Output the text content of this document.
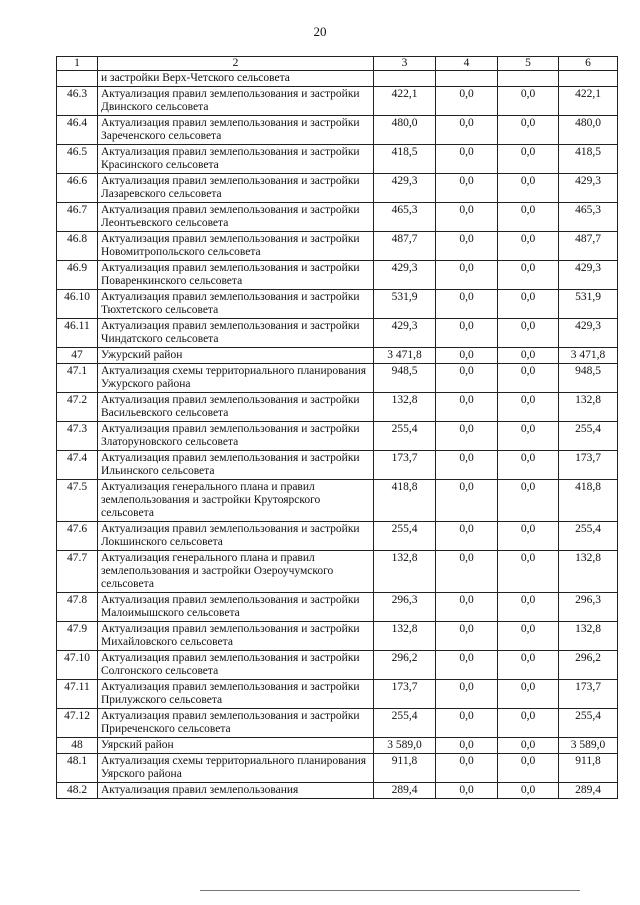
20
1	2	3	4	5	6
	и застройки Верх-Четского сельсовета				
46.3	Актуализация правил землепользования и застройки Двинского сельсовета	422,1	0,0	0,0	422,1
46.4	Актуализация правил землепользования и застройки Зареченского сельсовета	480,0	0,0	0,0	480,0
46.5	Актуализация правил землепользования и застройки Красинского сельсовета	418,5	0,0	0,0	418,5
46.6	Актуализация правил землепользования и застройки Лазаревского сельсовета	429,3	0,0	0,0	429,3
46.7	Актуализация правил землепользования и застройки Леонтьевского сельсовета	465,3	0,0	0,0	465,3
46.8	Актуализация правил землепользования и застройки Новомитропольского сельсовета	487,7	0,0	0,0	487,7
46.9	Актуализация правил землепользования и застройки Поваренкинского сельсовета	429,3	0,0	0,0	429,3
46.10	Актуализация правил землепользования и застройки Тюхтетского сельсовета	531,9	0,0	0,0	531,9
46.11	Актуализация правил землепользования и застройки Чиндатского сельсовета	429,3	0,0	0,0	429,3
47	Ужурский район	3 471,8	0,0	0,0	3 471,8
47.1	Актуализация схемы территориального планирования Ужурского района	948,5	0,0	0,0	948,5
47.2	Актуализация правил землепользования и застройки Васильевского сельсовета	132,8	0,0	0,0	132,8
47.3	Актуализация правил землепользования и застройки Златоруновского сельсовета	255,4	0,0	0,0	255,4
47.4	Актуализация правил землепользования и застройки Ильинского сельсовета	173,7	0,0	0,0	173,7
47.5	Актуализация генерального плана и правил землепользования и застройки Крутоярского сельсовета	418,8	0,0	0,0	418,8
47.6	Актуализация правил землепользования и застройки Локшинского сельсовета	255,4	0,0	0,0	255,4
47.7	Актуализация генерального плана и правил землепользования и застройки Озероучумского сельсовета	132,8	0,0	0,0	132,8
47.8	Актуализация правил землепользования и застройки Малоимышского сельсовета	296,3	0,0	0,0	296,3
47.9	Актуализация правил землепользования и застройки Михайловского сельсовета	132,8	0,0	0,0	132,8
47.10	Актуализация правил землепользования и застройки Солгонского сельсовета	296,2	0,0	0,0	296,2
47.11	Актуализация правил землепользования и застройки Прилужского сельсовета	173,7	0,0	0,0	173,7
47.12	Актуализация правил землепользования и застройки Приреченского сельсовета	255,4	0,0	0,0	255,4
48	Уярский район	3 589,0	0,0	0,0	3 589,0
48.1	Актуализация схемы территориального планирования Уярского района	911,8	0,0	0,0	911,8
48.2	Актуализация правил землепользования	289,4	0,0	0,0	289,4
